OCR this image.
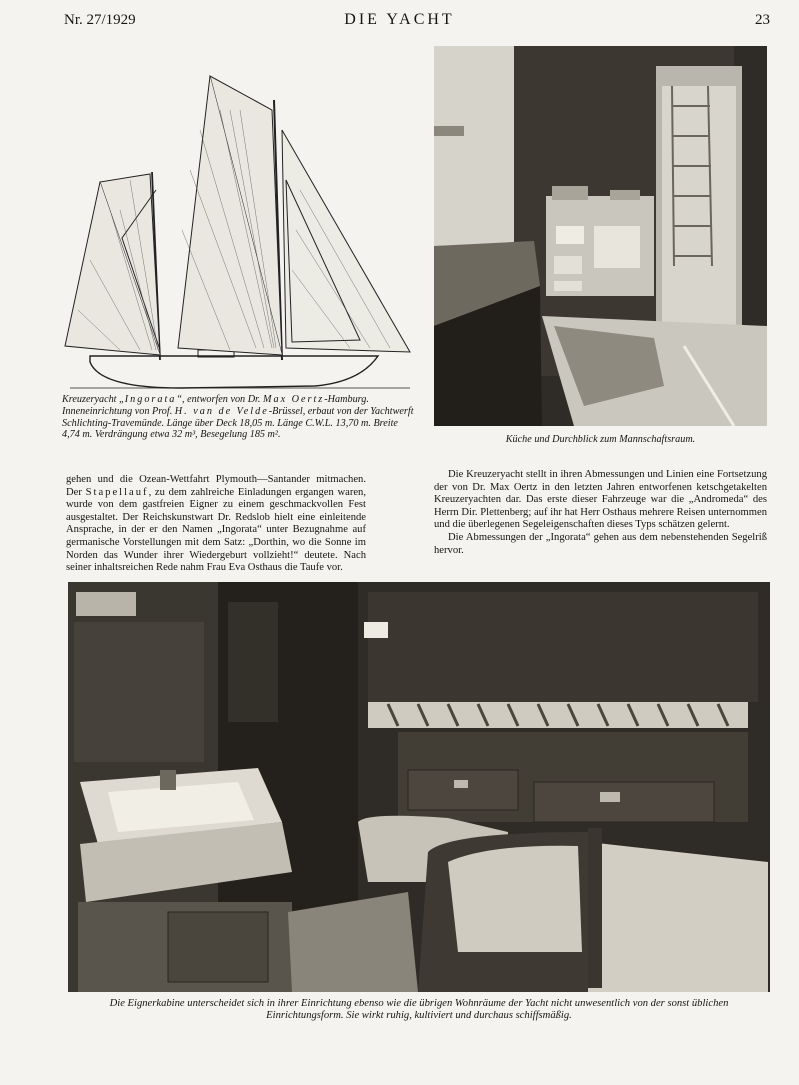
Nr. 27/1929	DIE YACHT	23
Kreuzeryacht „Ingorata“, entworfen von Dr. Max Oertz-Hamburg. Inneneinrichtung von Prof. H. van de Velde-Brüssel, erbaut von der Yachtwerft Schlichting-Travemünde. Länge über Deck 18,05 m. Länge C.W.L. 13,70 m. Breite 4,74 m. Verdrängung etwa 32 m³, Besegelung 185 m².	Küche und Durchblick zum Mannschaftsraum.

gehen und die Ozean-Wettfahrt Plymouth—Santander mitmachen. Der Stapellauf, zu dem zahlreiche Einladungen ergangen waren, wurde von dem gastfreien Eigner zu einem geschmackvollen Fest ausgestaltet. Der Reichskunstwart Dr. Redslob hielt eine einleitende Ansprache, in der er den Namen „Ingorata“ unter Bezugnahme auf germanische Vorstellungen mit dem Satz: „Dorthin, wo die Sonne im Norden das Wunder ihrer Wiedergeburt vollzieht!“ deutete. Nach seiner inhaltsreichen Rede nahm Frau Eva Osthaus die Taufe vor.

Die Kreuzeryacht stellt in ihren Abmessungen und Linien eine Fortsetzung der von Dr. Max Oertz in den letzten Jahren entworfenen ketschgetakelten Kreuzeryachten dar. Das erste dieser Fahrzeuge war die „Andromeda“ des Herrn Dir. Plettenberg; auf ihr hat Herr Osthaus mehrere Reisen unternommen und die überlegenen Segeleigenschaften dieses Typs schätzen gelernt.

Die Abmessungen der „Ingorata“ gehen aus dem nebenstehenden Segelriß hervor.

Die Eignerkabine unterscheidet sich in ihrer Einrichtung ebenso wie die übrigen Wohnräume der Yacht nicht unwesentlich von der sonst üblichen Einrichtungsform. Sie wirkt ruhig, kultiviert und durchaus schiffsmäßig.
